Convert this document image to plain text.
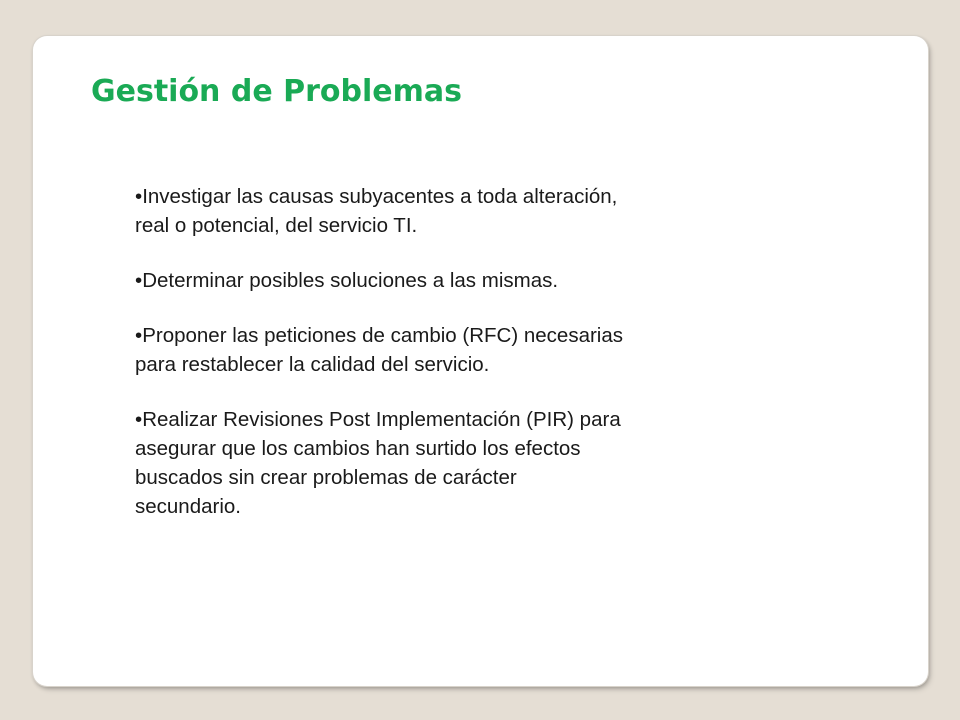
Gestión de Problemas
•Investigar las causas subyacentes a toda alteración,
real o potencial, del servicio TI.
•Determinar posibles soluciones a las mismas.
•Proponer las peticiones de cambio (RFC) necesarias
para restablecer la calidad del servicio.
•Realizar Revisiones Post Implementación (PIR) para
asegurar que los cambios han surtido los efectos
buscados sin crear problemas de carácter
secundario.
